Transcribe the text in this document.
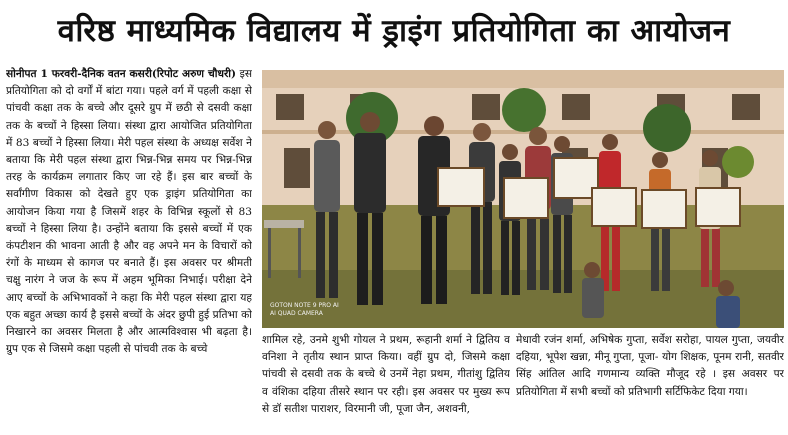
वरिष्ठ माध्यमिक विद्यालय में ड्राइंग प्रतियोगिता का आयोजन
सोनीपत 1 फरवरी-दैनिक वतन कसरी(रिपोट अरुण चौधरी) इस प्रतियोगिता को दो वर्गों में बांटा गया। पहले वर्ग में पहली कक्षा से पांचवी कक्षा तक के बच्चे और दूसरे ग्रुप में छठी से दसवी कक्षा तक के बच्चों ने हिस्सा लिया। संस्था द्वारा आयोजित प्रतियोगिता में 83 बच्चों ने हिस्सा लिया। मेरी पहल संस्था के अध्यक्ष सर्वेश ने बताया कि मेरी पहल संस्था द्वारा भिन्न-भिन्न समय पर भिन्न-भिन्न तरह के कार्यक्रम लगातार किए जा रहे हैं। इस बार बच्चों के सर्वांगीण विकास को देखते हुए एक ड्राइंग प्रतियोगिता का आयोजन किया गया है जिसमें शहर के विभिन्न स्कूलों से 83 बच्चों ने हिस्सा लिया है। उन्होंने बताया कि इससे बच्चों में एक कंपटीशन की भावना आती है और वह अपने मन के विचारों को रंगों के माध्यम से कागज पर बनाते हैं। इस अवसर पर श्रीमती चक्षु नारंग ने जज के रूप में अहम भूमिका निभाई। परीक्षा देने आए बच्चों के अभिभावकों ने कहा कि मेरी पहल संस्था द्वारा यह एक बहुत अच्छा कार्य है इससे बच्चों के अंदर छुपी हुई प्रतिभा को निखारने का अवसर मिलता है और आत्मविश्वास भी बढ़ता है। ग्रुप एक से जिसमे कक्षा पहली से पांचवी तक के बच्चे
GOTON NOTE 9 PRO AI
AI QUAD CAMERA
शामिल रहे, उनमे शुभी गोयल ने प्रथम, रूहानी शर्मा ने द्वितिय व वनिशा ने तृतीय स्थान प्राप्त किया। वहीं ग्रुप दो, जिसमे कक्षा पांचवी से दसवी तक के बच्चे थे उनमें नेहा प्रथम, गीतांशु द्वितिय व वंशिका दहिया तीसरे स्थान पर रही। इस अवसर पर मुख्य रूप से डॉ सतीश पाराशर, विरमानी जी, पूजा जैन, अशवनी,
मेधावी रजंन शर्मा, अभिषेक गुप्ता, सर्वेश सरोहा, पायल गुप्ता, जयवीर दहिया, भूपेश खन्ना, मीनू गुप्ता, पूजा- योग शिक्षक, पूनम रानी, सतवीर सिंह आंतिल आदि गणमान्य व्यक्ति मौजूद रहे । इस अवसर पर प्रतियोगिता में सभी बच्चों को प्रतिभागी सर्टिफिकेट दिया गया।
